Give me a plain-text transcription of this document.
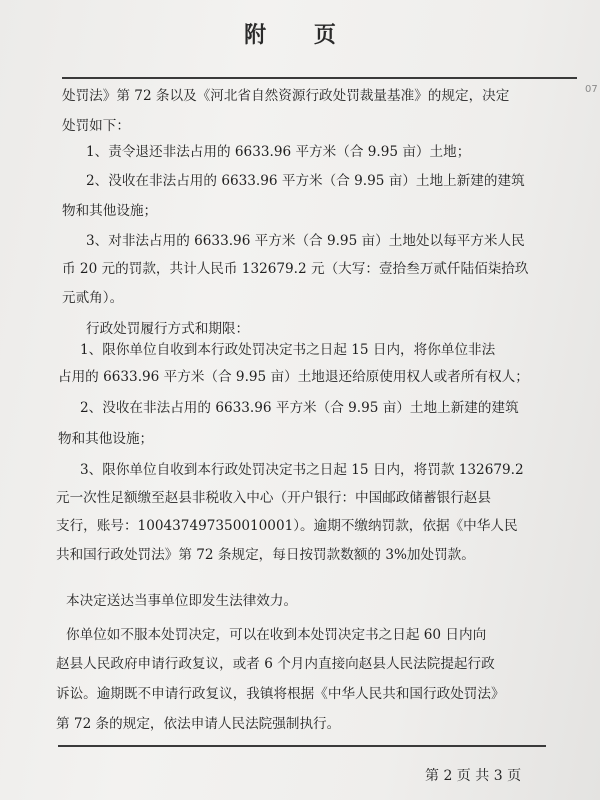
附 页
07
处罚法》第 72 条以及《河北省自然资源行政处罚裁量基准》的规定，决定
处罚如下：
1、责令退还非法占用的 6633.96 平方米（合 9.95 亩）土地；
2、没收在非法占用的 6633.96 平方米（合 9.95 亩）土地上新建的建筑
物和其他设施；
3、对非法占用的 6633.96 平方米（合 9.95 亩）土地处以每平方米人民
币 20 元的罚款，共计人民币 132679.2 元（大写：壹拾叁万贰仟陆佰柒拾玖
元贰角）。
行政处罚履行方式和期限：
1、限你单位自收到本行政处罚决定书之日起 15 日内，将你单位非法
占用的 6633.96 平方米（合 9.95 亩）土地退还给原使用权人或者所有权人；
2、没收在非法占用的 6633.96 平方米（合 9.95 亩）土地上新建的建筑
物和其他设施；
3、限你单位自收到本行政处罚决定书之日起 15 日内，将罚款 132679.2
元一次性足额缴至赵县非税收入中心（开户银行：中国邮政储蓄银行赵县
支行，账号：100437497350010001）。逾期不缴纳罚款，依据《中华人民
共和国行政处罚法》第 72 条规定，每日按罚款数额的 3%加处罚款。
本决定送达当事单位即发生法律效力。
你单位如不服本处罚决定，可以在收到本处罚决定书之日起 60 日内向
赵县人民政府申请行政复议，或者 6 个月内直接向赵县人民法院提起行政
诉讼。逾期既不申请行政复议，我镇将根据《中华人民共和国行政处罚法》
第 72 条的规定，依法申请人民法院强制执行。
第 2 页 共 3 页
